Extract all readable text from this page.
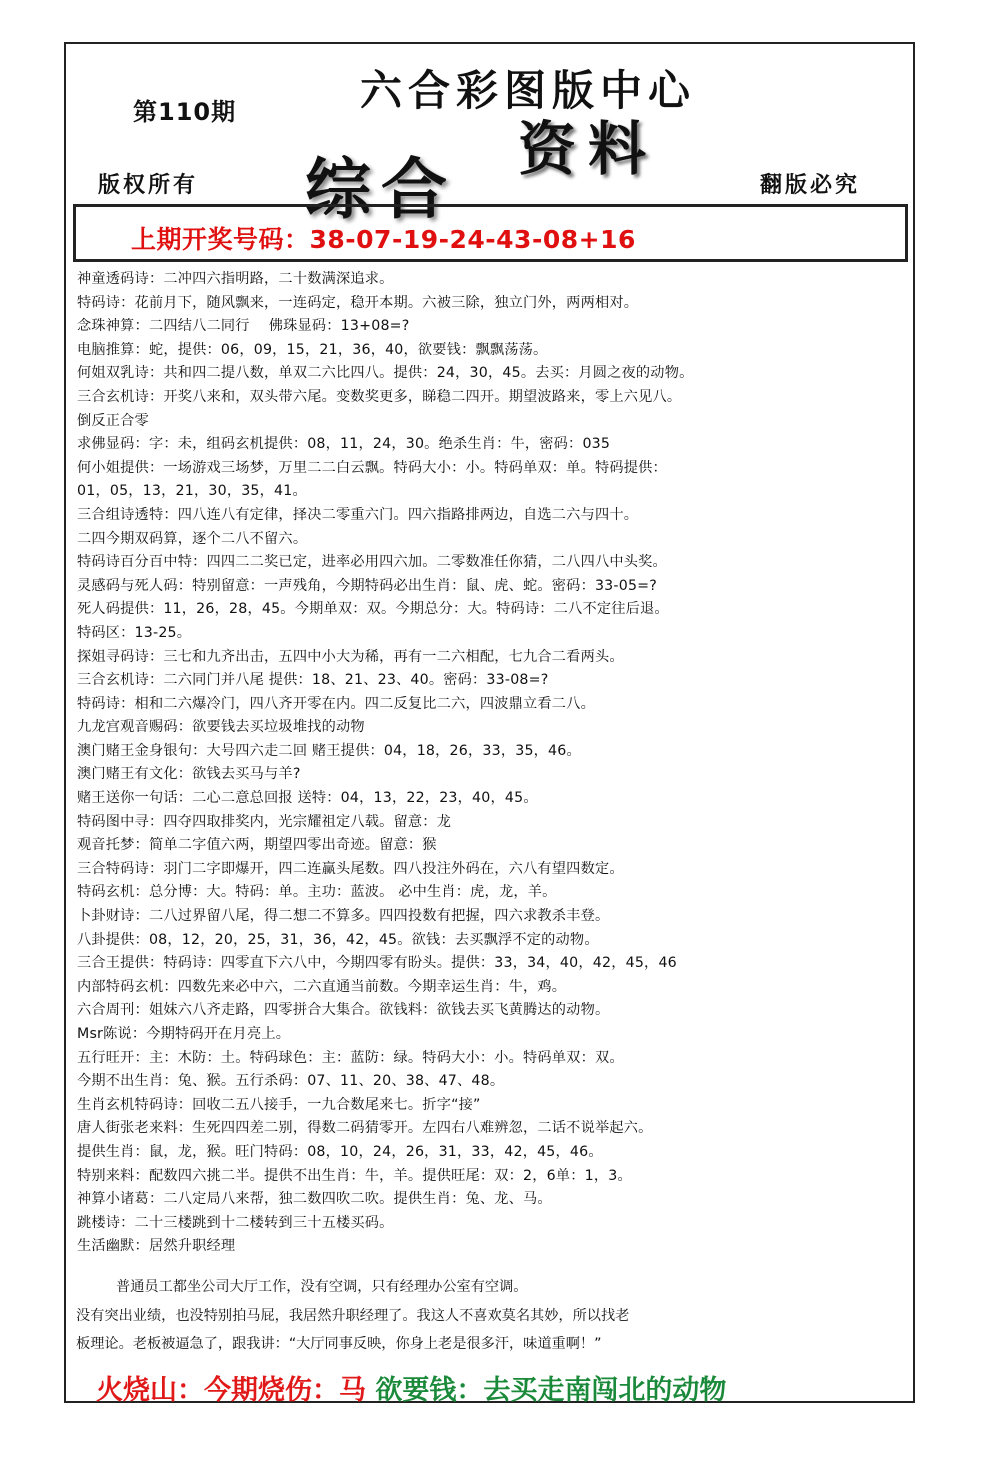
第110期	六合彩图版中心
资料
综合
版权所有	翻版必究
上期开奖号码：38-07-19-24-43-08+16
神童透码诗：二冲四六指明路，二十数满深追求。
特码诗：花前月下，随风飘来，一连码定，稳开本期。六被三除，独立门外，两两相对。
念珠神算：二四结八二同行　 佛珠显码：13+08=?
电脑推算：蛇，提供：06，09，15，21，36，40，欲要钱：飘飘荡荡。
何姐双乳诗：共和四二提八数，单双二六比四八。提供：24，30，45。去买：月圆之夜的动物。
三合玄机诗：开奖八来和，双头带六尾。变数奖更多，睇稳二四开。期望波路来，零上六见八。
倒反正合零
求佛显码：字：未，组码玄机提供：08，11，24，30。绝杀生肖：牛，密码：035
何小姐提供：一场游戏三场梦，万里二二白云飘。特码大小：小。特码单双：单。特码提供：
01，05，13，21，30，35，41。
三合组诗透特：四八连八有定律，择决二零重六门。四六指路排两边，自选二六与四十。
二四今期双码算，逐个二八不留六。
特码诗百分百中特：四四二二奖已定，进率必用四六加。二零数准任你猜，二八四八中头奖。
灵感码与死人码：特别留意：一声残角，今期特码必出生肖：鼠、虎、蛇。密码：33-05=?
死人码提供：11，26，28，45。今期单双：双。今期总分：大。特码诗：二八不定往后退。
特码区：13-25。
探姐寻码诗：三七和九齐出击，五四中小大为稀，再有一二六相配，七九合二看两头。
三合玄机诗：二六同门并八尾 提供：18、21、23、40。密码：33-08=?
特码诗：相和二六爆冷门，四八齐开零在内。四二反复比二六，四波鼎立看二八。
九龙宫观音赐码：欲要钱去买垃圾堆找的动物
澳门赌王金身银句：大号四六走二回 赌王提供：04，18，26，33，35，46。
澳门赌王有文化：欲钱去买马与羊?
赌王送你一句话：二心二意总回报 送特：04，13，22，23，40，45。
特码图中寻：四夺四取排奖内，光宗耀祖定八载。留意：龙
观音托梦：简单二字值六两，期望四零出奇迹。留意：猴
三合特码诗：羽门二字即爆开，四二连赢头尾数。四八投注外码在，六八有望四数定。
特码玄机：总分博：大。特码：单。主功：蓝波。 必中生肖：虎，龙，羊。
卜卦财诗：二八过界留八尾，得二想二不算多。四四投数有把握，四六求教杀丰登。
八卦提供：08，12，20，25，31，36，42，45。欲钱：去买飘浮不定的动物。
三合王提供：特码诗：四零直下六八中，今期四零有盼头。提供：33，34，40，42，45，46
内部特码玄机：四数先来必中六，二六直通当前数。今期幸运生肖：牛，鸡。
六合周刊：姐妹六八齐走路，四零拼合大集合。欲钱料：欲钱去买飞黄腾达的动物。
Msr陈说：今期特码开在月亮上。
五行旺开：主：木防：土。特码球色：主：蓝防：绿。特码大小：小。特码单双：双。
今期不出生肖：兔、猴。五行杀码：07、11、20、38、47、48。
生肖玄机特码诗：回收二五八接手，一九合数尾来七。折字“接”
唐人街张老来料：生死四四差二别，得数二码猜零开。左四右八难辨忽，二话不说举起六。
提供生肖：鼠，龙，猴。旺门特码：08，10，24，26，31，33，42，45，46。
特别来料：配数四六挑二半。提供不出生肖：牛，羊。提供旺尾：双：2，6单：1，3。
神算小诸葛：二八定局八来帮，独二数四吹二吹。提供生肖：兔、龙、马。
跳楼诗：二十三楼跳到十二楼转到三十五楼买码。
生活幽默：居然升职经理
普通员工都坐公司大厅工作，没有空调，只有经理办公室有空调。
没有突出业绩，也没特别拍马屁，我居然升职经理了。我这人不喜欢莫名其妙，所以找老
板理论。老板被逼急了，跟我讲：“大厅同事反映，你身上老是很多汗，味道重啊！”
火烧山：今期烧伤：马 欲要钱：去买走南闯北的动物
